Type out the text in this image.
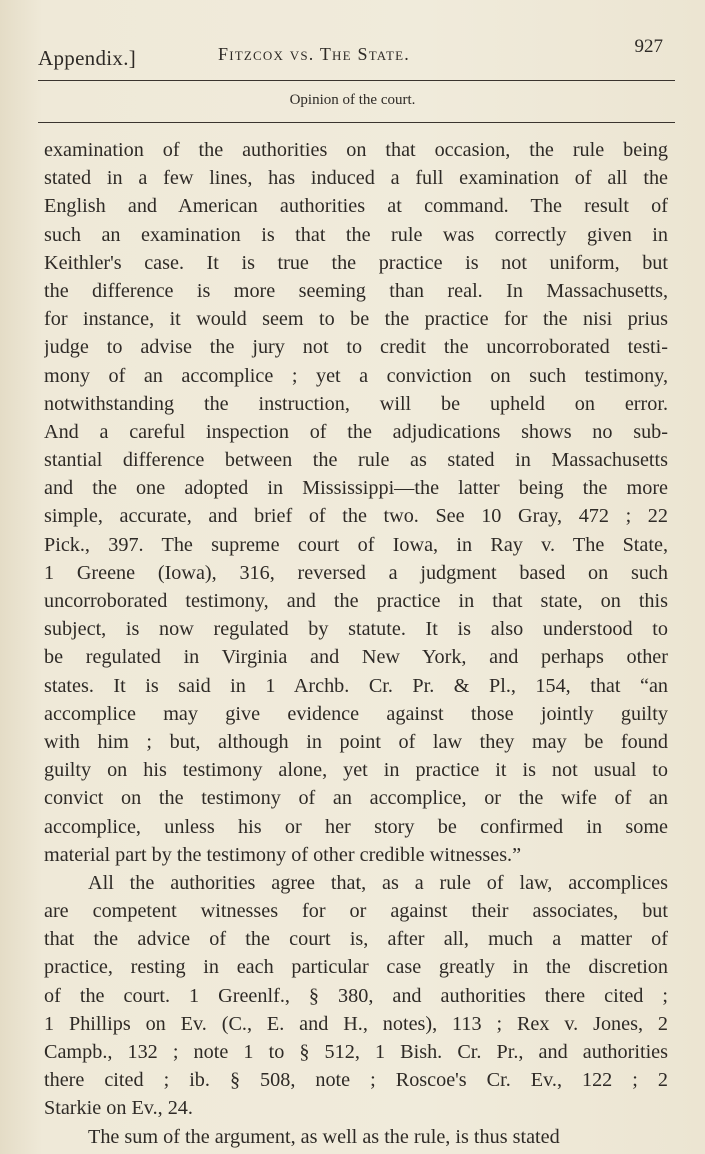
Appendix.]	Fitzcox vs. The State.	927
Opinion of the court.
examination of the authorities on that occasion, the rule being
stated in a few lines, has induced a full examination of all the
English and American authorities at command. The result of
such an examination is that the rule was correctly given in
Keithler's case. It is true the practice is not uniform, but
the difference is more seeming than real. In Massachusetts,
for instance, it would seem to be the practice for the nisi prius
judge to advise the jury not to credit the uncorroborated testi-
mony of an accomplice ; yet a conviction on such testimony,
notwithstanding the instruction, will be upheld on error.
And a careful inspection of the adjudications shows no sub-
stantial difference between the rule as stated in Massachusetts
and the one adopted in Mississippi—the latter being the more
simple, accurate, and brief of the two. See 10 Gray, 472 ; 22
Pick., 397. The supreme court of Iowa, in Ray v. The State,
1 Greene (Iowa), 316, reversed a judgment based on such
uncorroborated testimony, and the practice in that state, on this
subject, is now regulated by statute. It is also understood to
be regulated in Virginia and New York, and perhaps other
states. It is said in 1 Archb. Cr. Pr. & Pl., 154, that “an
accomplice may give evidence against those jointly guilty
with him ; but, although in point of law they may be found
guilty on his testimony alone, yet in practice it is not usual to
convict on the testimony of an accomplice, or the wife of an
accomplice, unless his or her story be confirmed in some
material part by the testimony of other credible witnesses.”
All the authorities agree that, as a rule of law, accomplices
are competent witnesses for or against their associates, but
that the advice of the court is, after all, much a matter of
practice, resting in each particular case greatly in the discretion
of the court. 1 Greenlf., § 380, and authorities there cited ;
1 Phillips on Ev. (C., E. and H., notes), 113 ; Rex v. Jones, 2
Campb., 132 ; note 1 to § 512, 1 Bish. Cr. Pr., and authorities
there cited ; ib. § 508, note ; Roscoe's Cr. Ev., 122 ; 2
Starkie on Ev., 24.
The sum of the argument, as well as the rule, is thus stated
